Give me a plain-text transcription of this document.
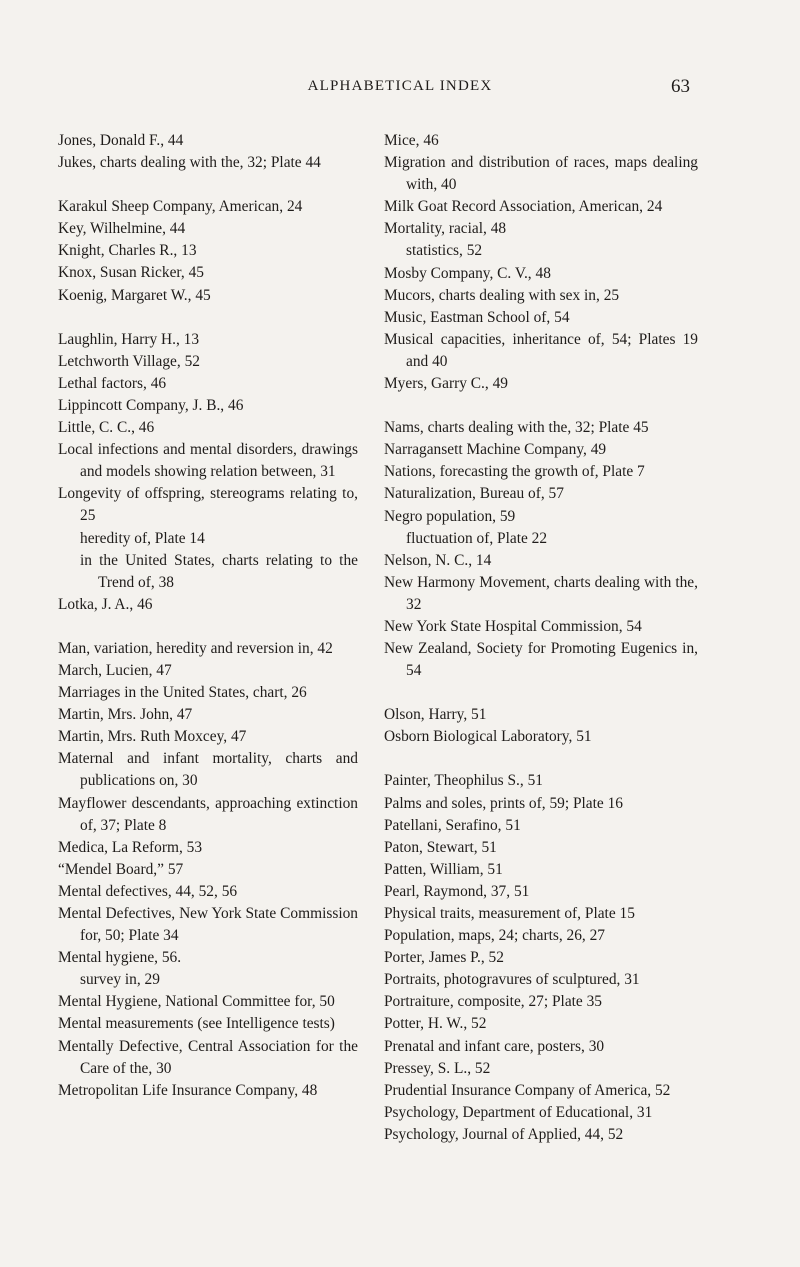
ALPHABETICAL INDEX	63
Jones, Donald F., 44
Jukes, charts dealing with the, 32; Plate 44
Karakul Sheep Company, American, 24
Key, Wilhelmine, 44
Knight, Charles R., 13
Knox, Susan Ricker, 45
Koenig, Margaret W., 45
Laughlin, Harry H., 13
Letchworth Village, 52
Lethal factors, 46
Lippincott Company, J. B., 46
Little, C. C., 46
Local infections and mental disorders, drawings and models showing relation between, 31
Longevity of offspring, stereograms relating to, 25
heredity of, Plate 14
in the United States, charts relating to the Trend of, 38
Lotka, J. A., 46
Man, variation, heredity and reversion in, 42
March, Lucien, 47
Marriages in the United States, chart, 26
Martin, Mrs. John, 47
Martin, Mrs. Ruth Moxcey, 47
Maternal and infant mortality, charts and publications on, 30
Mayflower descendants, approaching extinction of, 37; Plate 8
Medica, La Reform, 53
“Mendel Board,” 57
Mental defectives, 44, 52, 56
Mental Defectives, New York State Commission for, 50; Plate 34
Mental hygiene, 56.
survey in, 29
Mental Hygiene, National Committee for, 50
Mental measurements (see Intelligence tests)
Mentally Defective, Central Association for the Care of the, 30
Metropolitan Life Insurance Company, 48
Mice, 46
Migration and distribution of races, maps dealing with, 40
Milk Goat Record Association, American, 24
Mortality, racial, 48
statistics, 52
Mosby Company, C. V., 48
Mucors, charts dealing with sex in, 25
Music, Eastman School of, 54
Musical capacities, inheritance of, 54; Plates 19 and 40
Myers, Garry C., 49
Nams, charts dealing with the, 32; Plate 45
Narragansett Machine Company, 49
Nations, forecasting the growth of, Plate 7
Naturalization, Bureau of, 57
Negro population, 59
fluctuation of, Plate 22
Nelson, N. C., 14
New Harmony Movement, charts dealing with the, 32
New York State Hospital Commission, 54
New Zealand, Society for Promoting Eugenics in, 54
Olson, Harry, 51
Osborn Biological Laboratory, 51
Painter, Theophilus S., 51
Palms and soles, prints of, 59; Plate 16
Patellani, Serafino, 51
Paton, Stewart, 51
Patten, William, 51
Pearl, Raymond, 37, 51
Physical traits, measurement of, Plate 15
Population, maps, 24; charts, 26, 27
Porter, James P., 52
Portraits, photogravures of sculptured, 31
Portraiture, composite, 27; Plate 35
Potter, H. W., 52
Prenatal and infant care, posters, 30
Pressey, S. L., 52
Prudential Insurance Company of America, 52
Psychology, Department of Educational, 31
Psychology, Journal of Applied, 44, 52
